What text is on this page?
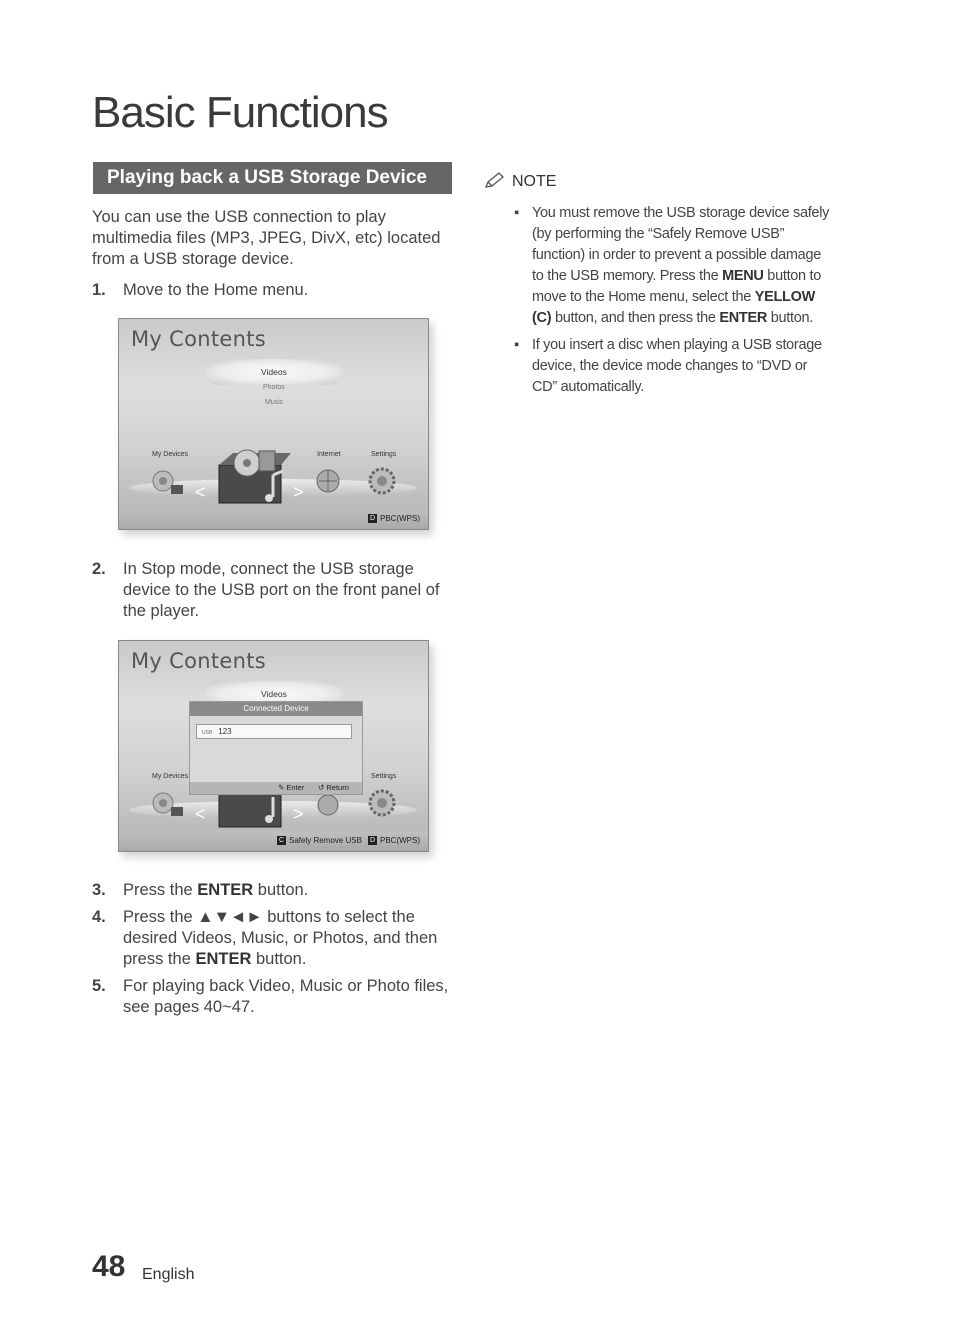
Basic Functions
Playing back a USB Storage Device
You can use the USB connection to play multimedia files (MP3, JPEG, DivX, etc) located from a USB storage device.
1. Move to the Home menu.
My Contents
Videos
Photos
Music
My Devices	Internet	Settings
<	>
D PBC(WPS)
2. In Stop mode, connect the USB storage device to the USB port on the front panel of the player.
My Contents
Videos
My Devices	Settings
<	>
Connected Device
USB 123
✎ Enter ↺ Return
C Safely Remove USB D PBC(WPS)
3. Press the ENTER button.
4. Press the ▲▼◄► buttons to select the desired Videos, Music, or Photos, and then press the ENTER button.
5. For playing back Video, Music or Photo files, see pages 40~47.
NOTE
▪ You must remove the USB storage device safely (by performing the “Safely Remove USB” function) in order to prevent a possible damage to the USB memory. Press the MENU button to move to the Home menu, select the YELLOW (C) button, and then press the ENTER button.
▪ If you insert a disc when playing a USB storage device, the device mode changes to “DVD or CD” automatically.
48 English
